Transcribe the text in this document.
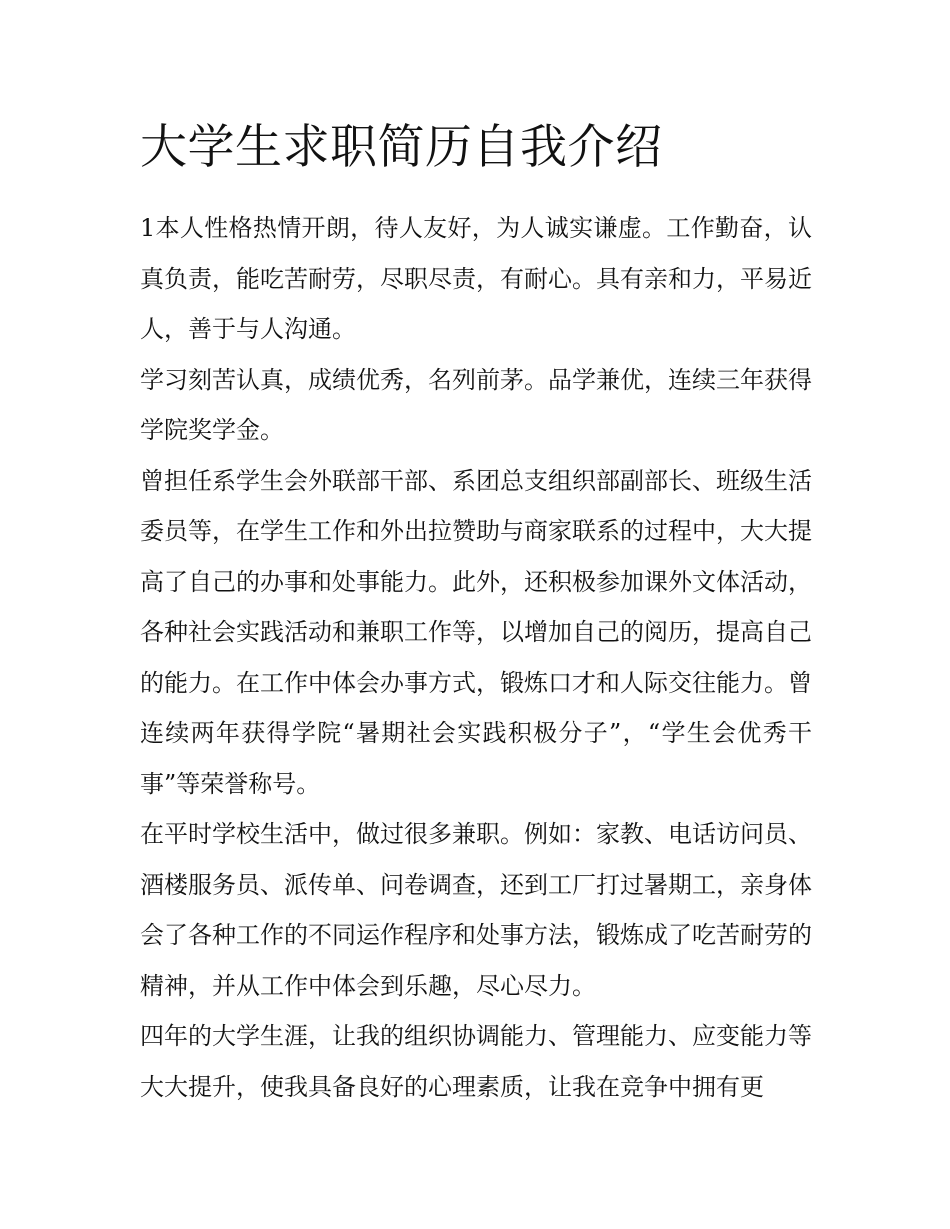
大学生求职简历自我介绍

1本人性格热情开朗，待人友好，为人诚实谦虚。工作勤奋，认真负责，能吃苦耐劳，尽职尽责，有耐心。具有亲和力，平易近人，善于与人沟通。

学习刻苦认真，成绩优秀，名列前茅。品学兼优，连续三年获得学院奖学金。

曾担任系学生会外联部干部、系团总支组织部副部长、班级生活委员等，在学生工作和外出拉赞助与商家联系的过程中，大大提高了自己的办事和处事能力。此外，还积极参加课外文体活动，各种社会实践活动和兼职工作等，以增加自己的阅历，提高自己的能力。在工作中体会办事方式，锻炼口才和人际交往能力。曾连续两年获得学院“暑期社会实践积极分子”，“学生会优秀干事”等荣誉称号。

在平时学校生活中，做过很多兼职。例如：家教、电话访问员、酒楼服务员、派传单、问卷调查，还到工厂打过暑期工，亲身体会了各种工作的不同运作程序和处事方法，锻炼成了吃苦耐劳的精神，并从工作中体会到乐趣，尽心尽力。

四年的大学生涯，让我的组织协调能力、管理能力、应变能力等大大提升，使我具备良好的心理素质，让我在竞争中拥有更
